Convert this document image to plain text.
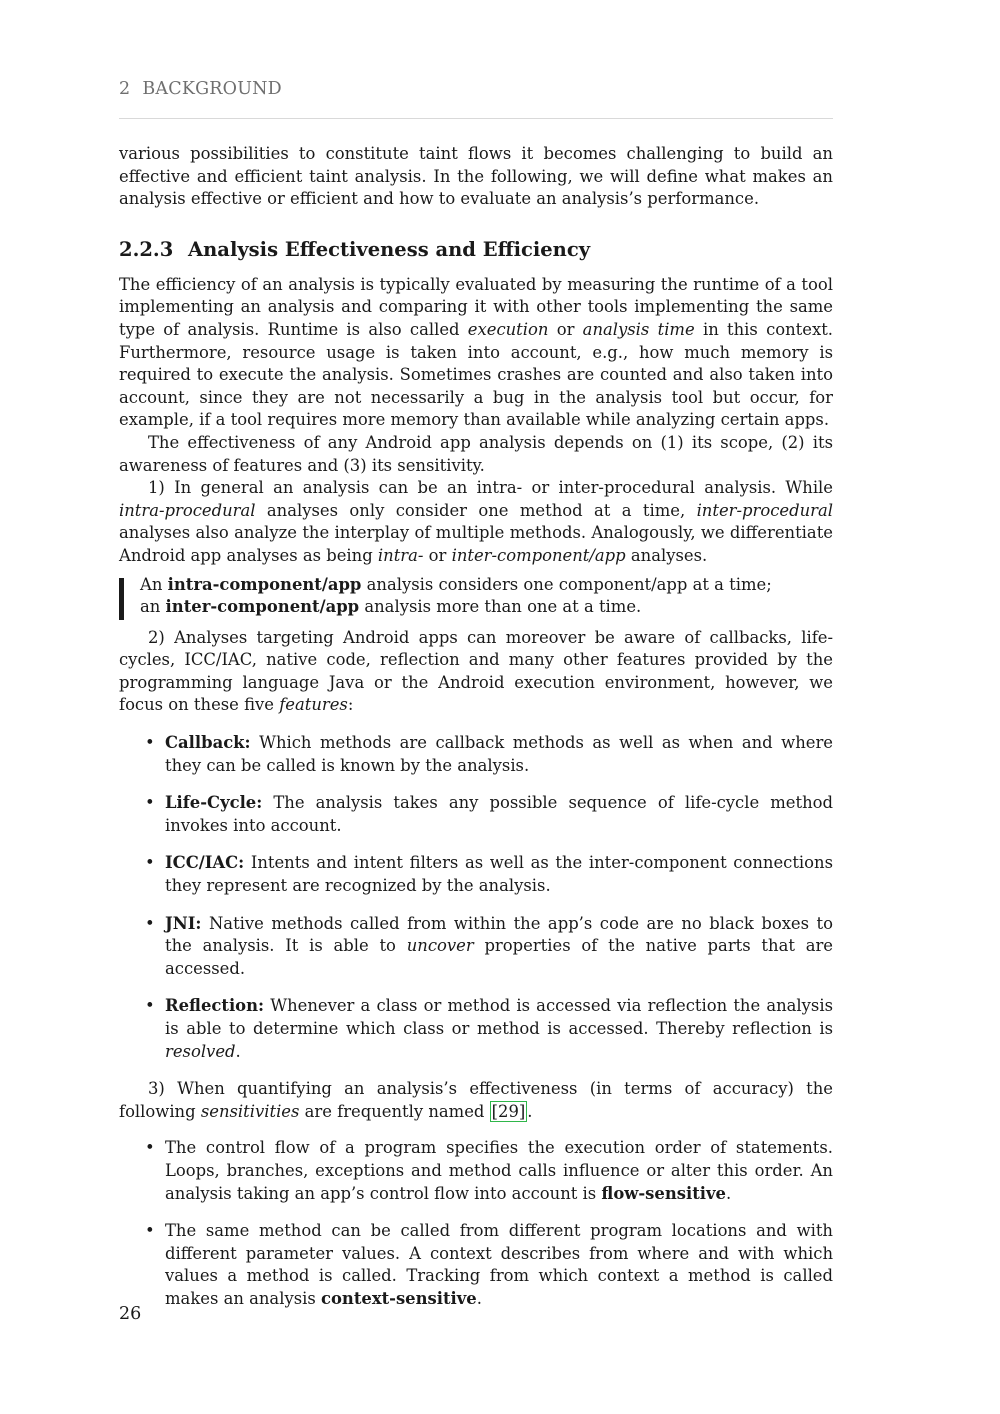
2 BACKGROUND

various possibilities to constitute taint flows it becomes challenging to build an effective and efficient taint analysis. In the following, we will define what makes an analysis effective or efficient and how to evaluate an analysis’s performance.

2.2.3 Analysis Effectiveness and Efficiency

The efficiency of an analysis is typically evaluated by measuring the runtime of a tool implementing an analysis and comparing it with other tools implementing the same type of analysis. Runtime is also called execution or analysis time in this context. Furthermore, resource usage is taken into account, e.g., how much memory is required to execute the analysis. Sometimes crashes are counted and also taken into account, since they are not necessarily a bug in the analysis tool but occur, for example, if a tool requires more memory than available while analyzing certain apps.

The effectiveness of any Android app analysis depends on (1) its scope, (2) its awareness of features and (3) its sensitivity.

1) In general an analysis can be an intra- or inter-procedural analysis. While intra-procedural analyses only consider one method at a time, inter-procedural analyses also analyze the interplay of multiple methods. Analogously, we differentiate Android app analyses as being intra- or inter-component/app analyses.

An intra-component/app analysis considers one component/app at a time;
an inter-component/app analysis more than one at a time.

2) Analyses targeting Android apps can moreover be aware of callbacks, life-cycles, ICC/IAC, native code, reflection and many other features provided by the programming language Java or the Android execution environment, however, we focus on these five features:

• Callback: Which methods are callback methods as well as when and where they can be called is known by the analysis.
• Life-Cycle: The analysis takes any possible sequence of life-cycle method invokes into account.
• ICC/IAC: Intents and intent filters as well as the inter-component connections they represent are recognized by the analysis.
• JNI: Native methods called from within the app’s code are no black boxes to the analysis. It is able to uncover properties of the native parts that are accessed.
• Reflection: Whenever a class or method is accessed via reflection the analysis is able to determine which class or method is accessed. Thereby reflection is resolved.

3) When quantifying an analysis’s effectiveness (in terms of accuracy) the following sensitivities are frequently named [29] .

• The control flow of a program specifies the execution order of statements. Loops, branches, exceptions and method calls influence or alter this order. An analysis taking an app’s control flow into account is flow-sensitive.
• The same method can be called from different program locations and with different parameter values. A context describes from where and with which values a method is called. Tracking from which context a method is called makes an analysis context-sensitive.
26
